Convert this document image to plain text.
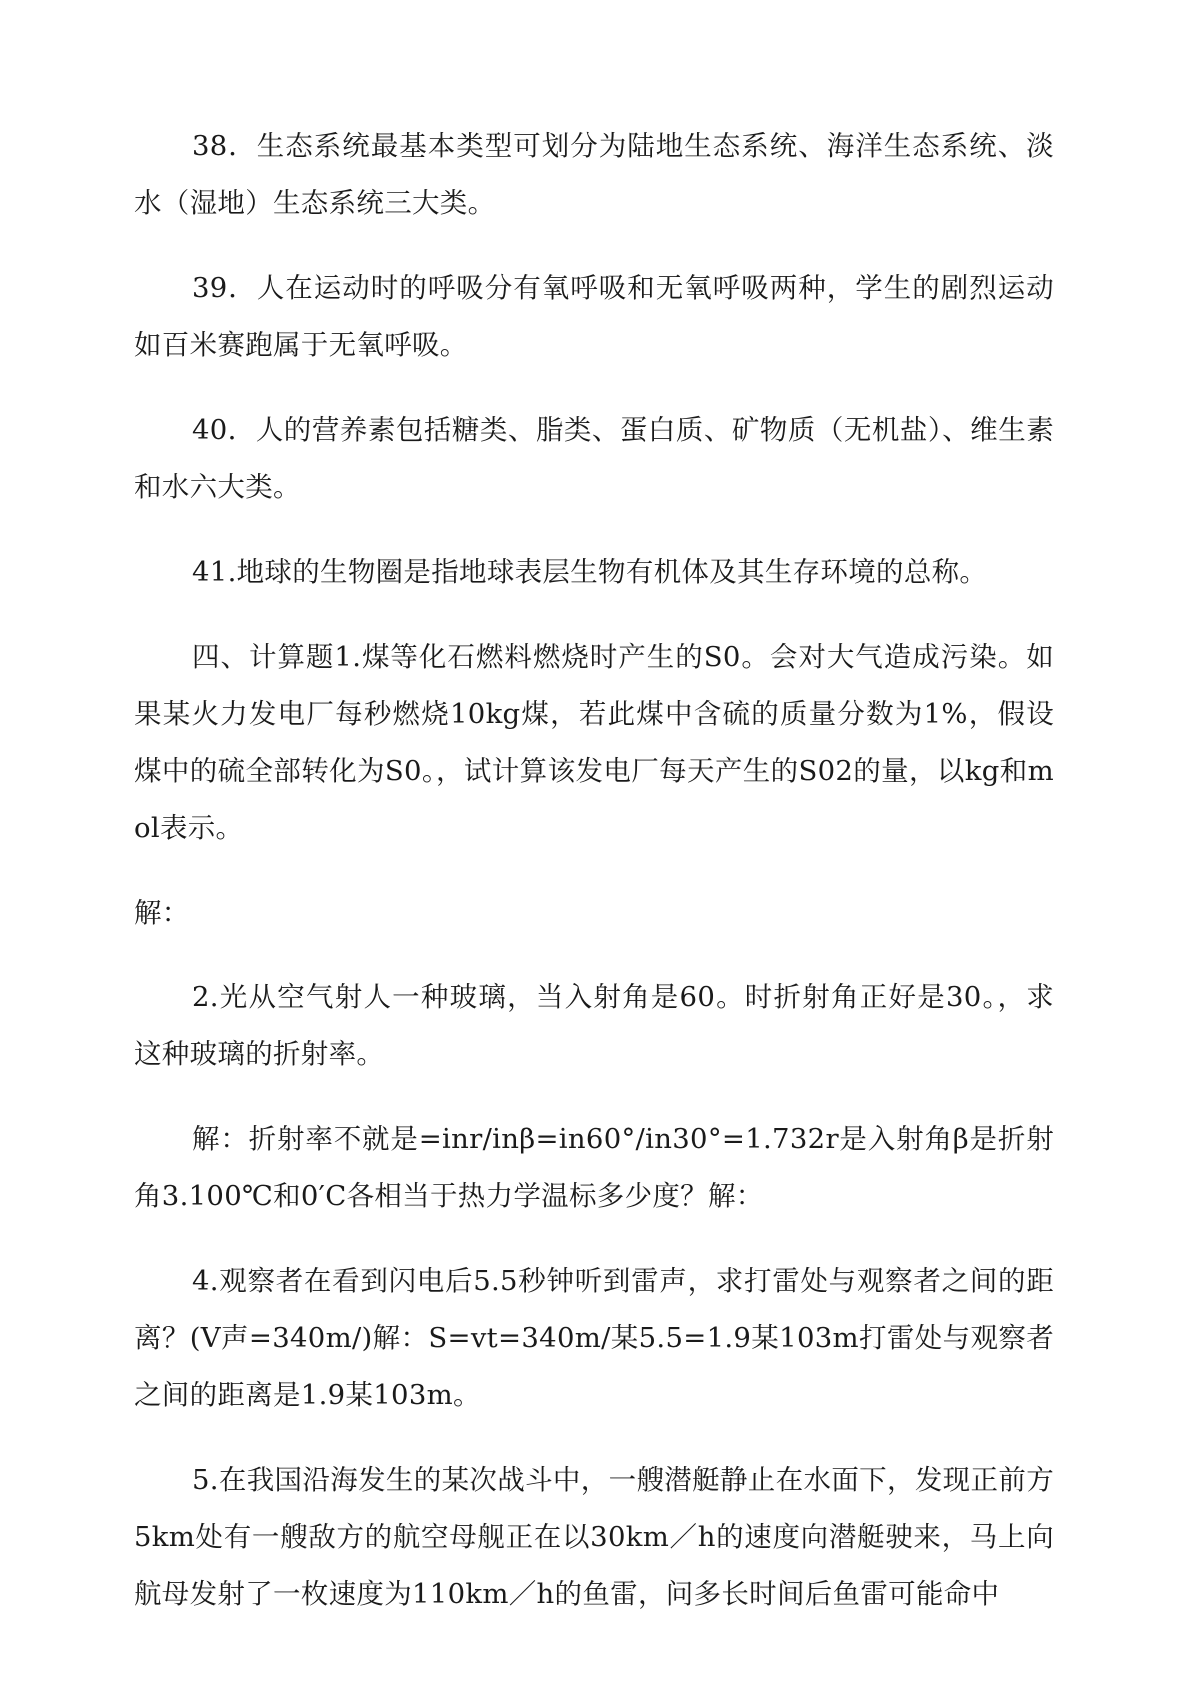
38．生态系统最基本类型可划分为陆地生态系统、海洋生态系统、淡水（湿地）生态系统三大类。

39．人在运动时的呼吸分有氧呼吸和无氧呼吸两种，学生的剧烈运动如百米赛跑属于无氧呼吸。

40．人的营养素包括糖类、脂类、蛋白质、矿物质（无机盐）、维生素和水六大类。

41.地球的生物圈是指地球表层生物有机体及其生存环境的总称。

四、计算题1.煤等化石燃料燃烧时产生的S0。会对大气造成污染。如果某火力发电厂每秒燃烧10kg煤，若此煤中含硫的质量分数为1%，假设煤中的硫全部转化为S0。，试计算该发电厂每天产生的S02的量，以kg和mol表示。

解：

2.光从空气射人一种玻璃，当入射角是60。时折射角正好是30。，求这种玻璃的折射率。

解：折射率不就是=inr/inβ=in60°/in30°=1.732r是入射角β是折射角3.100℃和0′C各相当于热力学温标多少度？解：

4.观察者在看到闪电后5.5秒钟听到雷声，求打雷处与观察者之间的距离？(V声=340m/)解：S=vt=340m/某5.5=1.9某103m打雷处与观察者之间的距离是1.9某103m。

5.在我国沿海发生的某次战斗中，一艘潜艇静止在水面下，发现正前方5km处有一艘敌方的航空母舰正在以30km／h的速度向潜艇驶来，马上向航母发射了一枚速度为110km／h的鱼雷，问多长时间后鱼雷可能命中
